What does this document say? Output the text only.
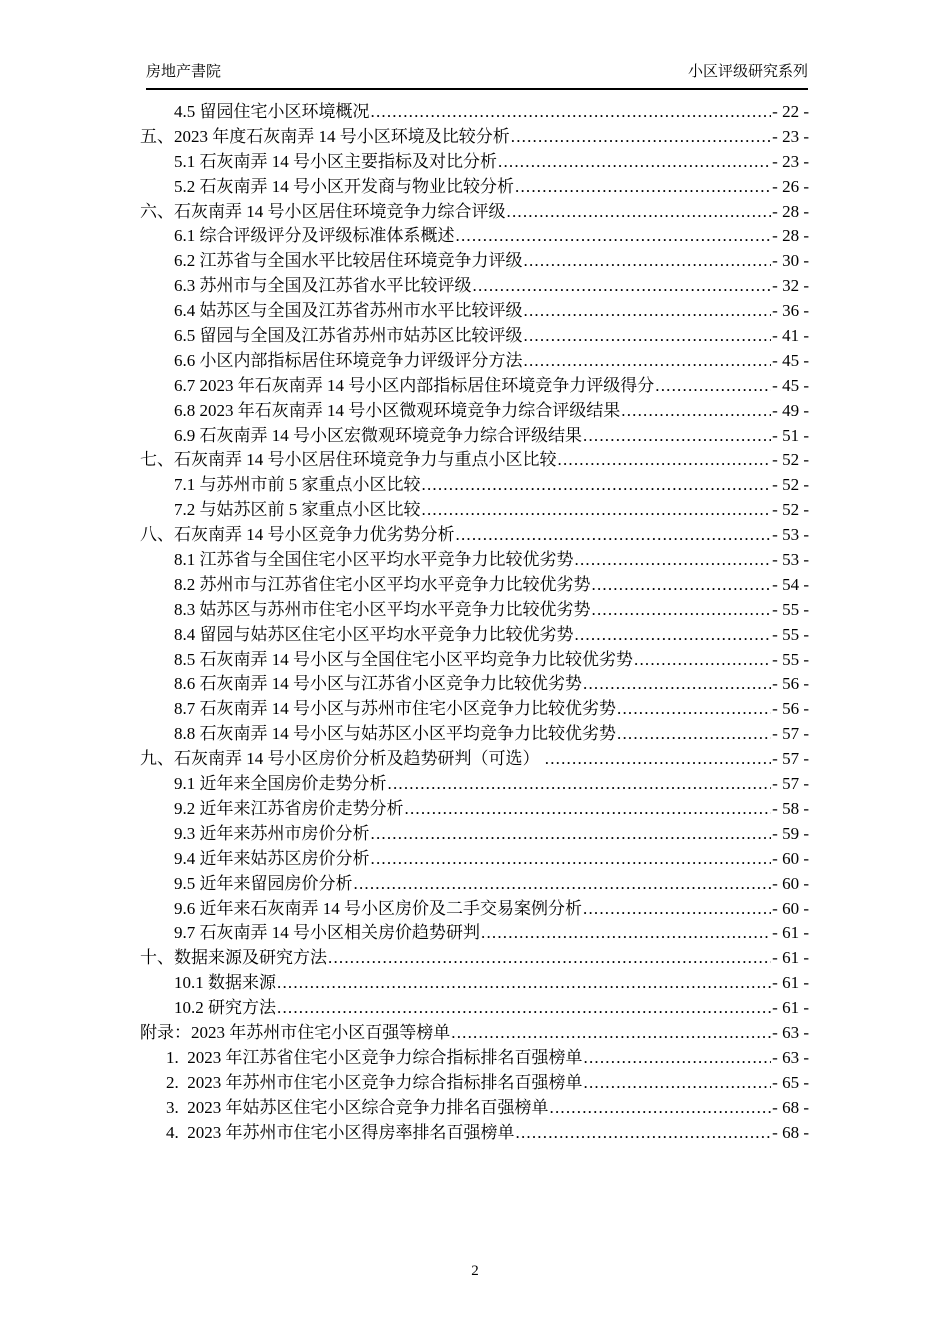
房地产書院	小区评级研究系列
4.5 留园住宅小区环境概况 .....	- 22 -
五、2023 年度石灰南弄 14 号小区环境及比较分析 .....	- 23 -
5.1 石灰南弄 14 号小区主要指标及对比分析 .....	- 23 -
5.2 石灰南弄 14 号小区开发商与物业比较分析 .....	- 26 -
六、石灰南弄 14 号小区居住环境竞争力综合评级 .....	- 28 -
6.1 综合评级评分及评级标准体系概述 .....	- 28 -
6.2 江苏省与全国水平比较居住环境竞争力评级 .....	- 30 -
6.3 苏州市与全国及江苏省水平比较评级 .....	- 32 -
6.4 姑苏区与全国及江苏省苏州市水平比较评级 .....	- 36 -
6.5 留园与全国及江苏省苏州市姑苏区比较评级 .....	- 41 -
6.6 小区内部指标居住环境竞争力评级评分方法 .....	- 45 -
6.7 2023 年石灰南弄 14 号小区内部指标居住环境竞争力评级得分 .....	- 45 -
6.8 2023 年石灰南弄 14 号小区微观环境竞争力综合评级结果 .....	- 49 -
6.9 石灰南弄 14 号小区宏微观环境竞争力综合评级结果 .....	- 51 -
七、石灰南弄 14 号小区居住环境竞争力与重点小区比较 .....	- 52 -
7.1 与苏州市前 5 家重点小区比较 .....	- 52 -
7.2 与姑苏区前 5 家重点小区比较 .....	- 52 -
八、石灰南弄 14 号小区竞争力优劣势分析 .....	- 53 -
8.1 江苏省与全国住宅小区平均水平竞争力比较优劣势 .....	- 53 -
8.2 苏州市与江苏省住宅小区平均水平竞争力比较优劣势 .....	- 54 -
8.3 姑苏区与苏州市住宅小区平均水平竞争力比较优劣势 .....	- 55 -
8.4 留园与姑苏区住宅小区平均水平竞争力比较优劣势 .....	- 55 -
8.5 石灰南弄 14 号小区与全国住宅小区平均竞争力比较优劣势 .....	- 55 -
8.6 石灰南弄 14 号小区与江苏省小区竞争力比较优劣势 .....	- 56 -
8.7 石灰南弄 14 号小区与苏州市住宅小区竞争力比较优劣势 .....	- 56 -
8.8 石灰南弄 14 号小区与姑苏区小区平均竞争力比较优劣势 .....	- 57 -
九、石灰南弄 14 号小区房价分析及趋势研判（可选） .....	- 57 -
9.1 近年来全国房价走势分析 .....	- 57 -
9.2 近年来江苏省房价走势分析 .....	- 58 -
9.3 近年来苏州市房价分析 .....	- 59 -
9.4 近年来姑苏区房价分析 .....	- 60 -
9.5 近年来留园房价分析 .....	- 60 -
9.6 近年来石灰南弄 14 号小区房价及二手交易案例分析 .....	- 60 -
9.7 石灰南弄 14 号小区相关房价趋势研判 .....	- 61 -
十、数据来源及研究方法 .....	- 61 -
10.1 数据来源 .....	- 61 -
10.2 研究方法 .....	- 61 -
附录：2023 年苏州市住宅小区百强等榜单 .....	- 63 -
1.  2023 年江苏省住宅小区竞争力综合指标排名百强榜单 .....	- 63 -
2.  2023 年苏州市住宅小区竞争力综合指标排名百强榜单 .....	- 65 -
3.  2023 年姑苏区住宅小区综合竞争力排名百强榜单 .....	- 68 -
4.  2023 年苏州市住宅小区得房率排名百强榜单 .....	- 68 -
2
